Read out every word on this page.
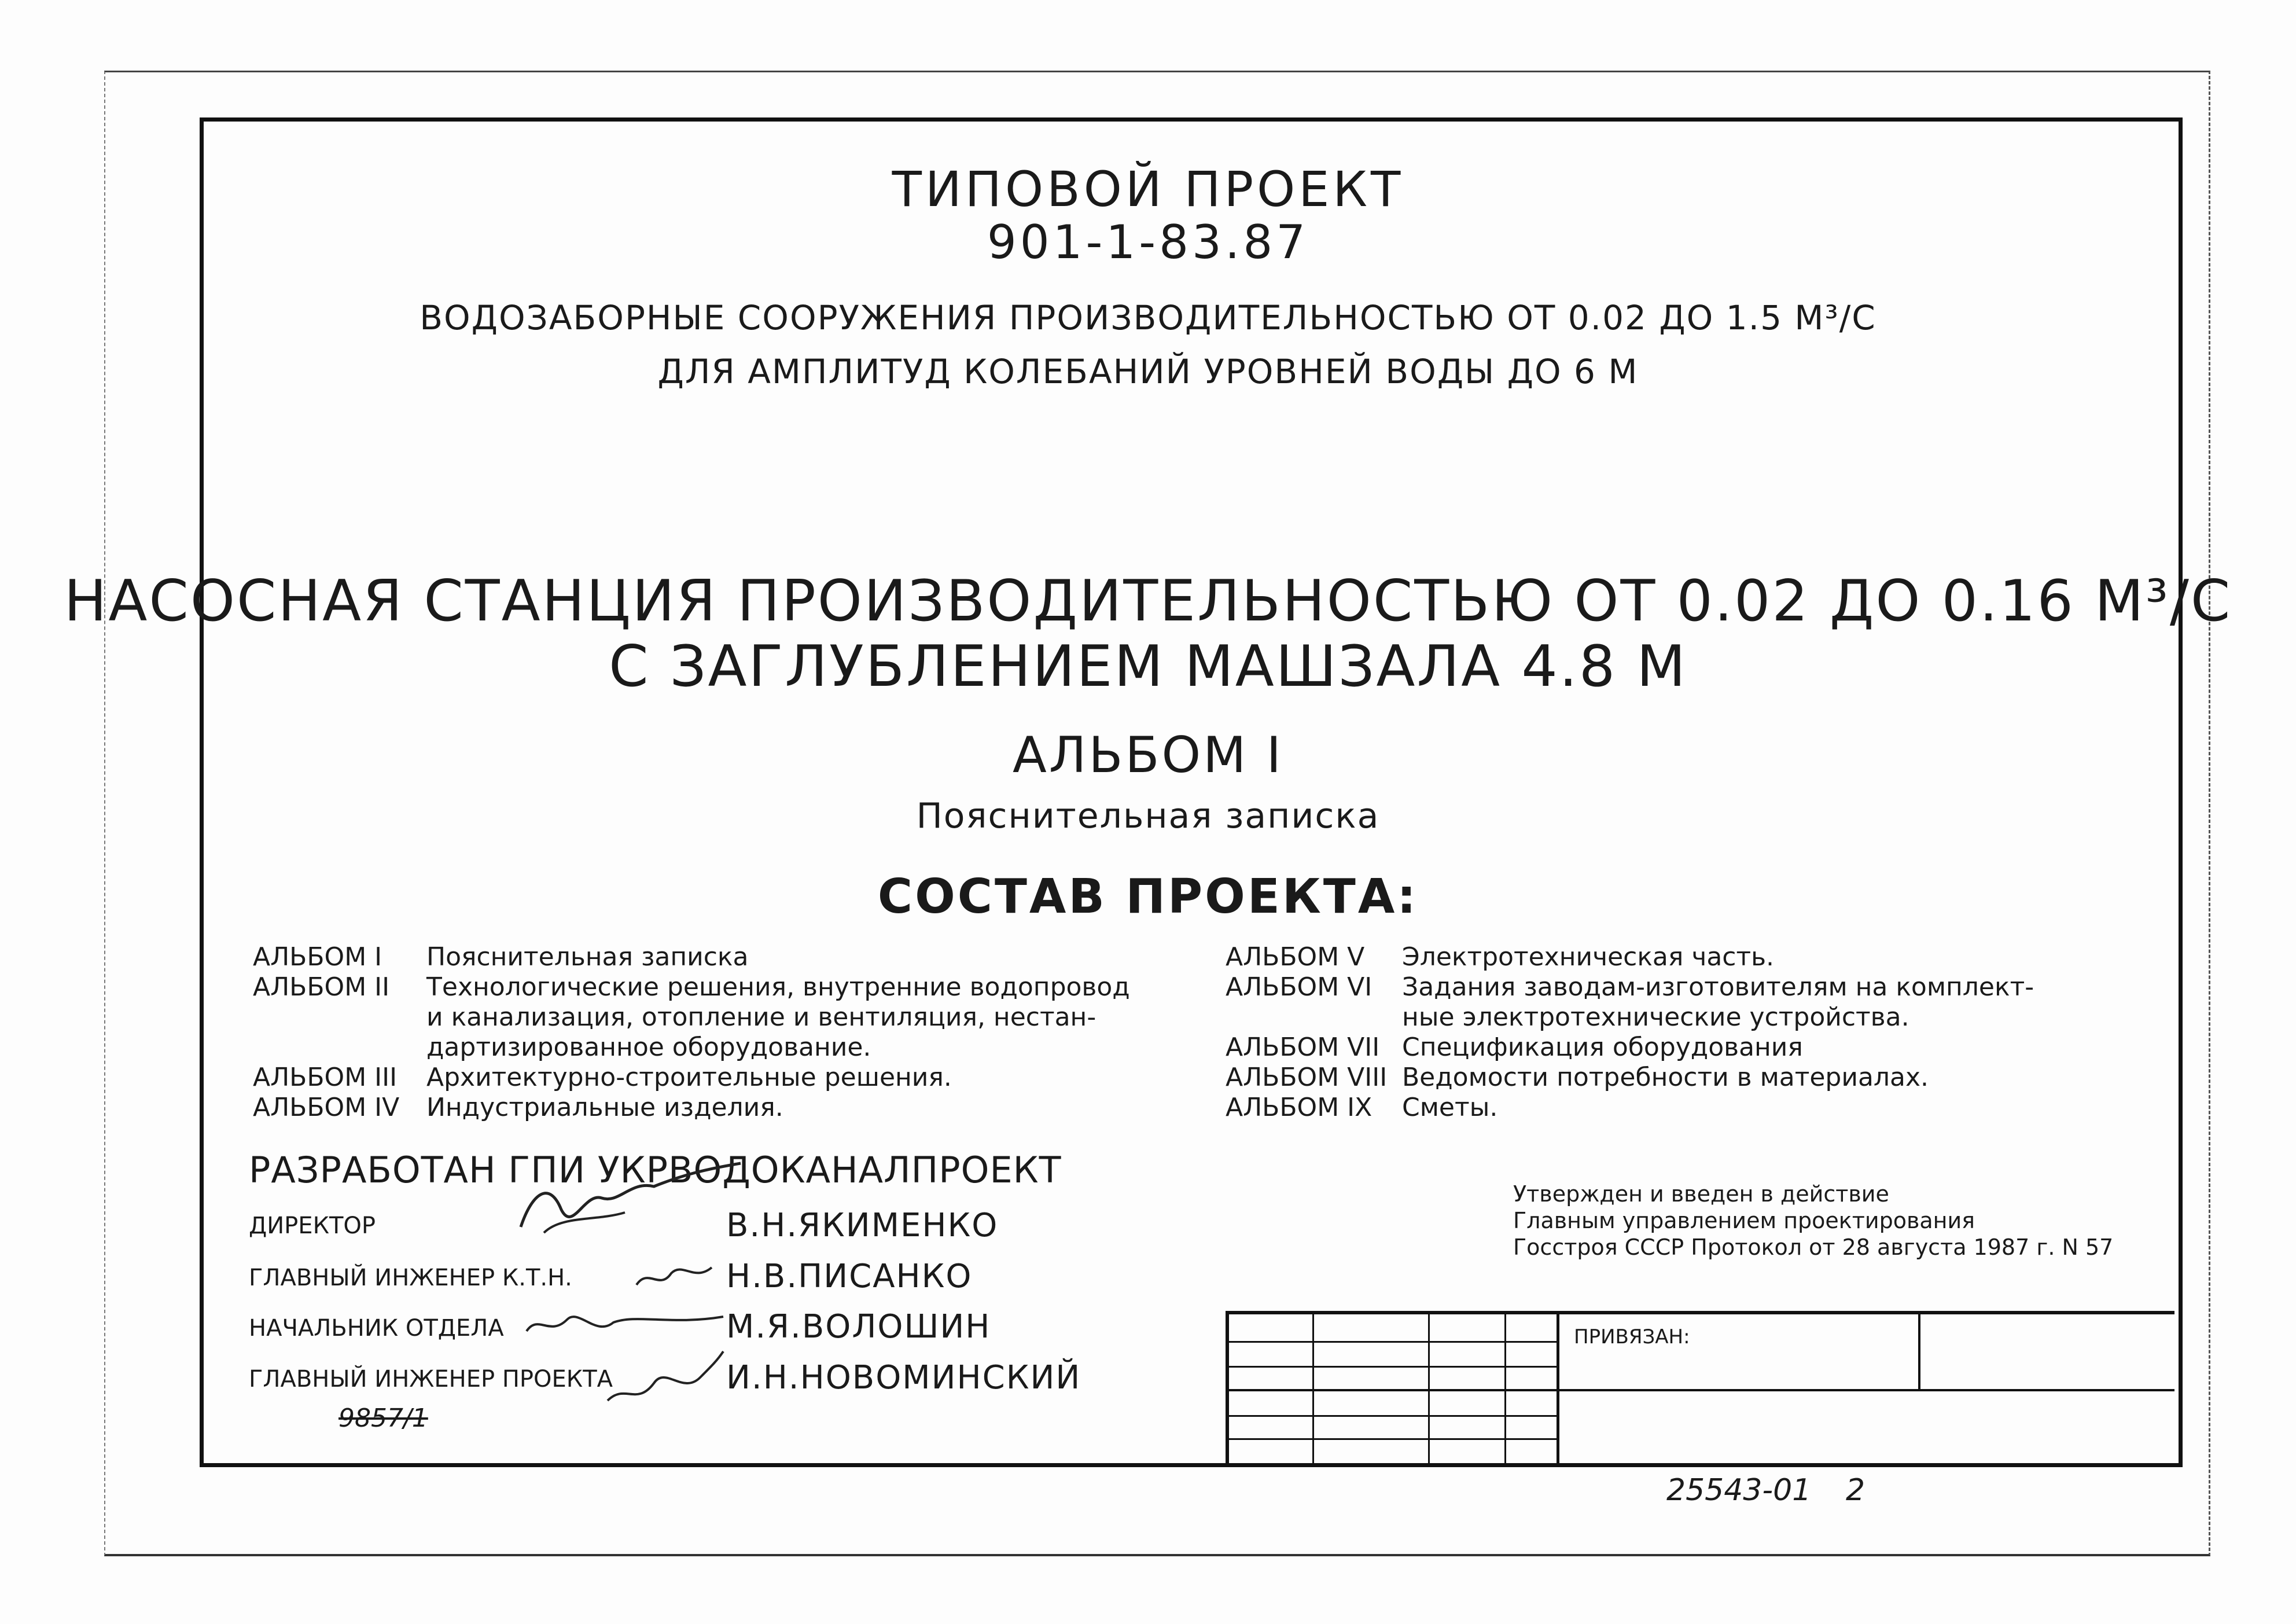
ТИПОВОЙ ПРОЕКТ
901-1-83.87
ВОДОЗАБОРНЫЕ СООРУЖЕНИЯ ПРОИЗВОДИТЕЛЬНОСТЬЮ ОТ 0.02 ДО 1.5 М³/С
ДЛЯ АМПЛИТУД КОЛЕБАНИЙ УРОВНЕЙ ВОДЫ ДО 6 М
НАСОСНАЯ СТАНЦИЯ ПРОИЗВОДИТЕЛЬНОСТЬЮ ОТ 0.02 ДО 0.16 М³/С
С ЗАГЛУБЛЕНИЕМ МАШЗАЛА 4.8 М
АЛЬБОМ I
Пояснительная записка
СОСТАВ ПРОЕКТА:
АЛЬБОМ I	Пояснительная записка
АЛЬБОМ II	Технологические решения, внутренние водопровод
и канализация, отопление и вентиляция, нестан-
дартизированное оборудование.
АЛЬБОМ III	Архитектурно-строительные решения.
АЛЬБОМ IV	Индустриальные изделия.
АЛЬБОМ V	Электротехническая часть.
АЛЬБОМ VI	Задания заводам-изготовителям на комплект-
ные электротехнические устройства.
АЛЬБОМ VII Спецификация оборудования
АЛЬБОМ VIII Ведомости потребности в материалах.
АЛЬБОМ IX	Сметы.
РАЗРАБОТАН ГПИ УКРВОДОКАНАЛПРОЕКТ
ДИРЕКТОР	В.Н.ЯКИМЕНКО
ГЛАВНЫЙ ИНЖЕНЕР К.Т.Н.	Н.В.ПИСАНКО
НАЧАЛЬНИК ОТДЕЛА	М.Я.ВОЛОШИН
ГЛАВНЫЙ ИНЖЕНЕР ПРОЕКТА	И.Н.НОВОМИНСКИЙ
9857/1
Утвержден и введен в действие
Главным управлением проектирования
Госстроя СССР Протокол от 28 августа 1987 г. N 57
ПРИВЯЗАН:
25543-01 2
